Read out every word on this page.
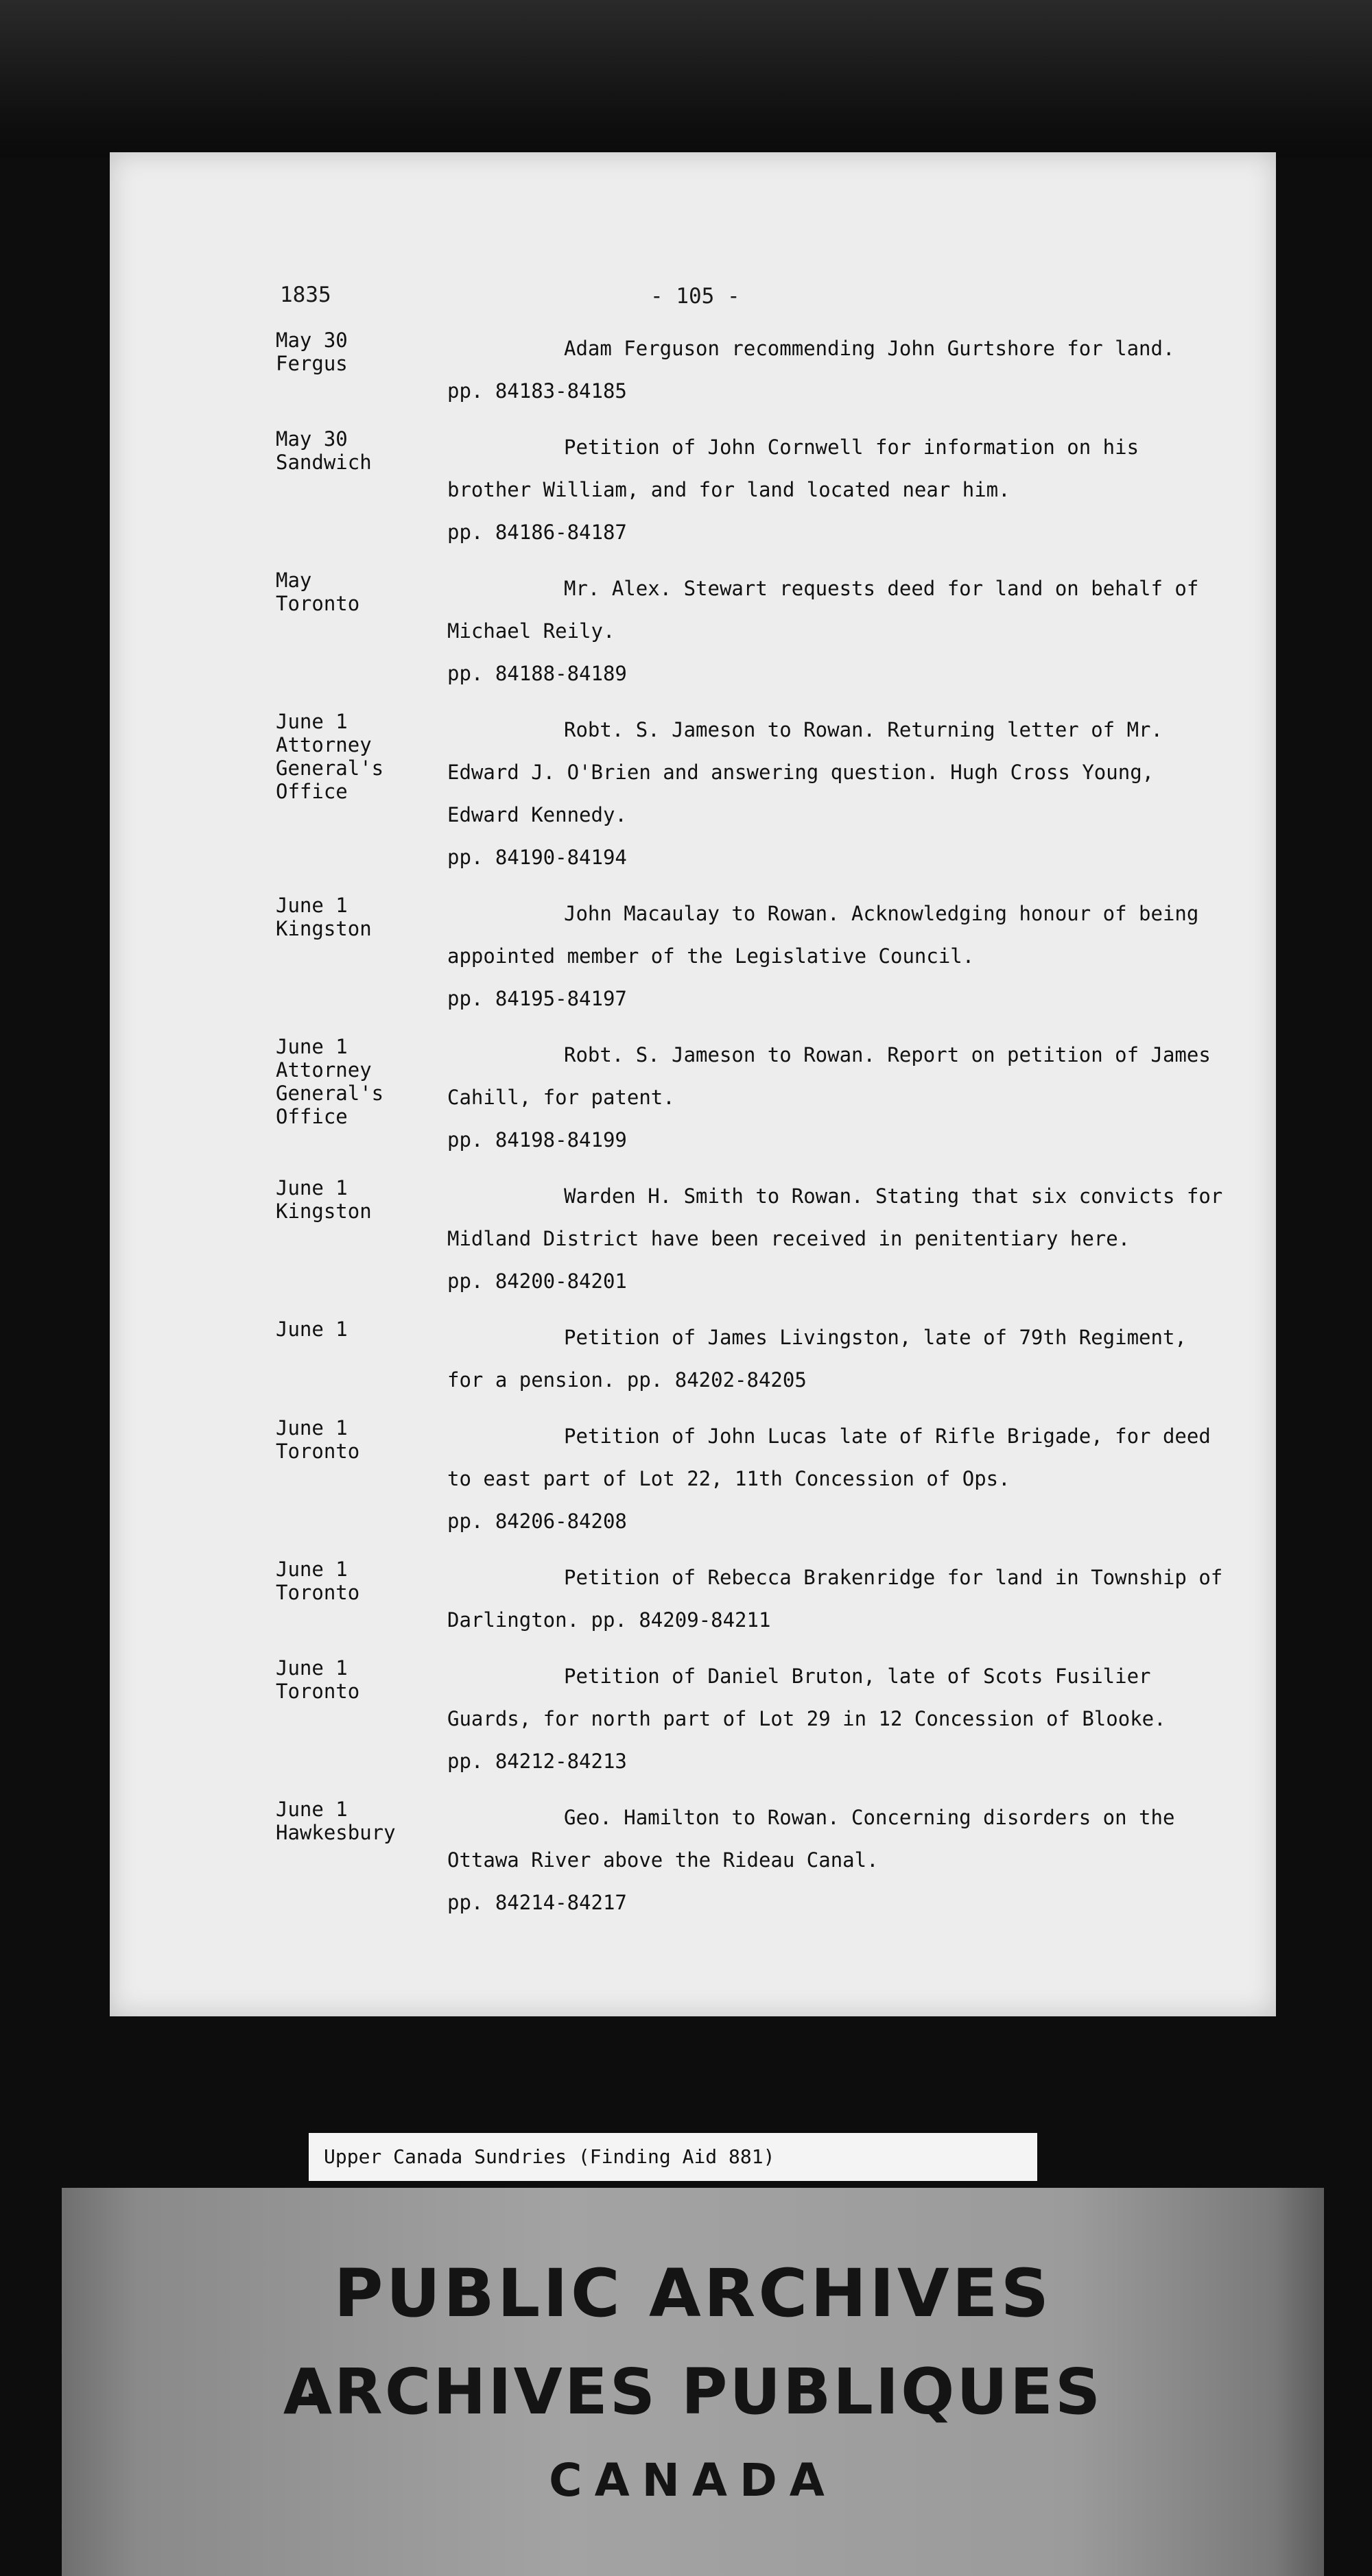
1835	- 105 -
May 30
Fergus
Adam Ferguson recommending John Gurtshore for land.
pp. 84183-84185
May 30
Sandwich
Petition of John Cornwell for information on his brother William, and for land located near him.
pp. 84186-84187
May
Toronto
Mr. Alex. Stewart requests deed for land on behalf of Michael Reily.
pp. 84188-84189
June 1
Attorney
General's
Office
Robt. S. Jameson to Rowan. Returning letter of Mr. Edward J. O'Brien and answering question. Hugh Cross Young, Edward Kennedy.
pp. 84190-84194
June 1
Kingston
John Macaulay to Rowan. Acknowledging honour of being appointed member of the Legislative Council.
pp. 84195-84197
June 1
Attorney
General's
Office
Robt. S. Jameson to Rowan. Report on petition of James Cahill, for patent.
pp. 84198-84199
June 1
Kingston
Warden H. Smith to Rowan. Stating that six convicts for Midland District have been received in penitentiary here.
pp. 84200-84201
June 1	Petition of James Livingston, late of 79th Regiment, for a pension. pp. 84202-84205
June 1
Toronto
Petition of John Lucas late of Rifle Brigade, for deed to east part of Lot 22, 11th Concession of Ops.
pp. 84206-84208
June 1
Toronto
Petition of Rebecca Brakenridge for land in Township of Darlington. pp. 84209-84211
June 1
Toronto
Petition of Daniel Bruton, late of Scots Fusilier Guards, for north part of Lot 29 in 12 Concession of Blooke.
pp. 84212-84213
June 1
Hawkesbury
Geo. Hamilton to Rowan. Concerning disorders on the Ottawa River above the Rideau Canal.
pp. 84214-84217
Upper Canada Sundries (Finding Aid 881)
PUBLIC ARCHIVES
ARCHIVES PUBLIQUES
CANADA
